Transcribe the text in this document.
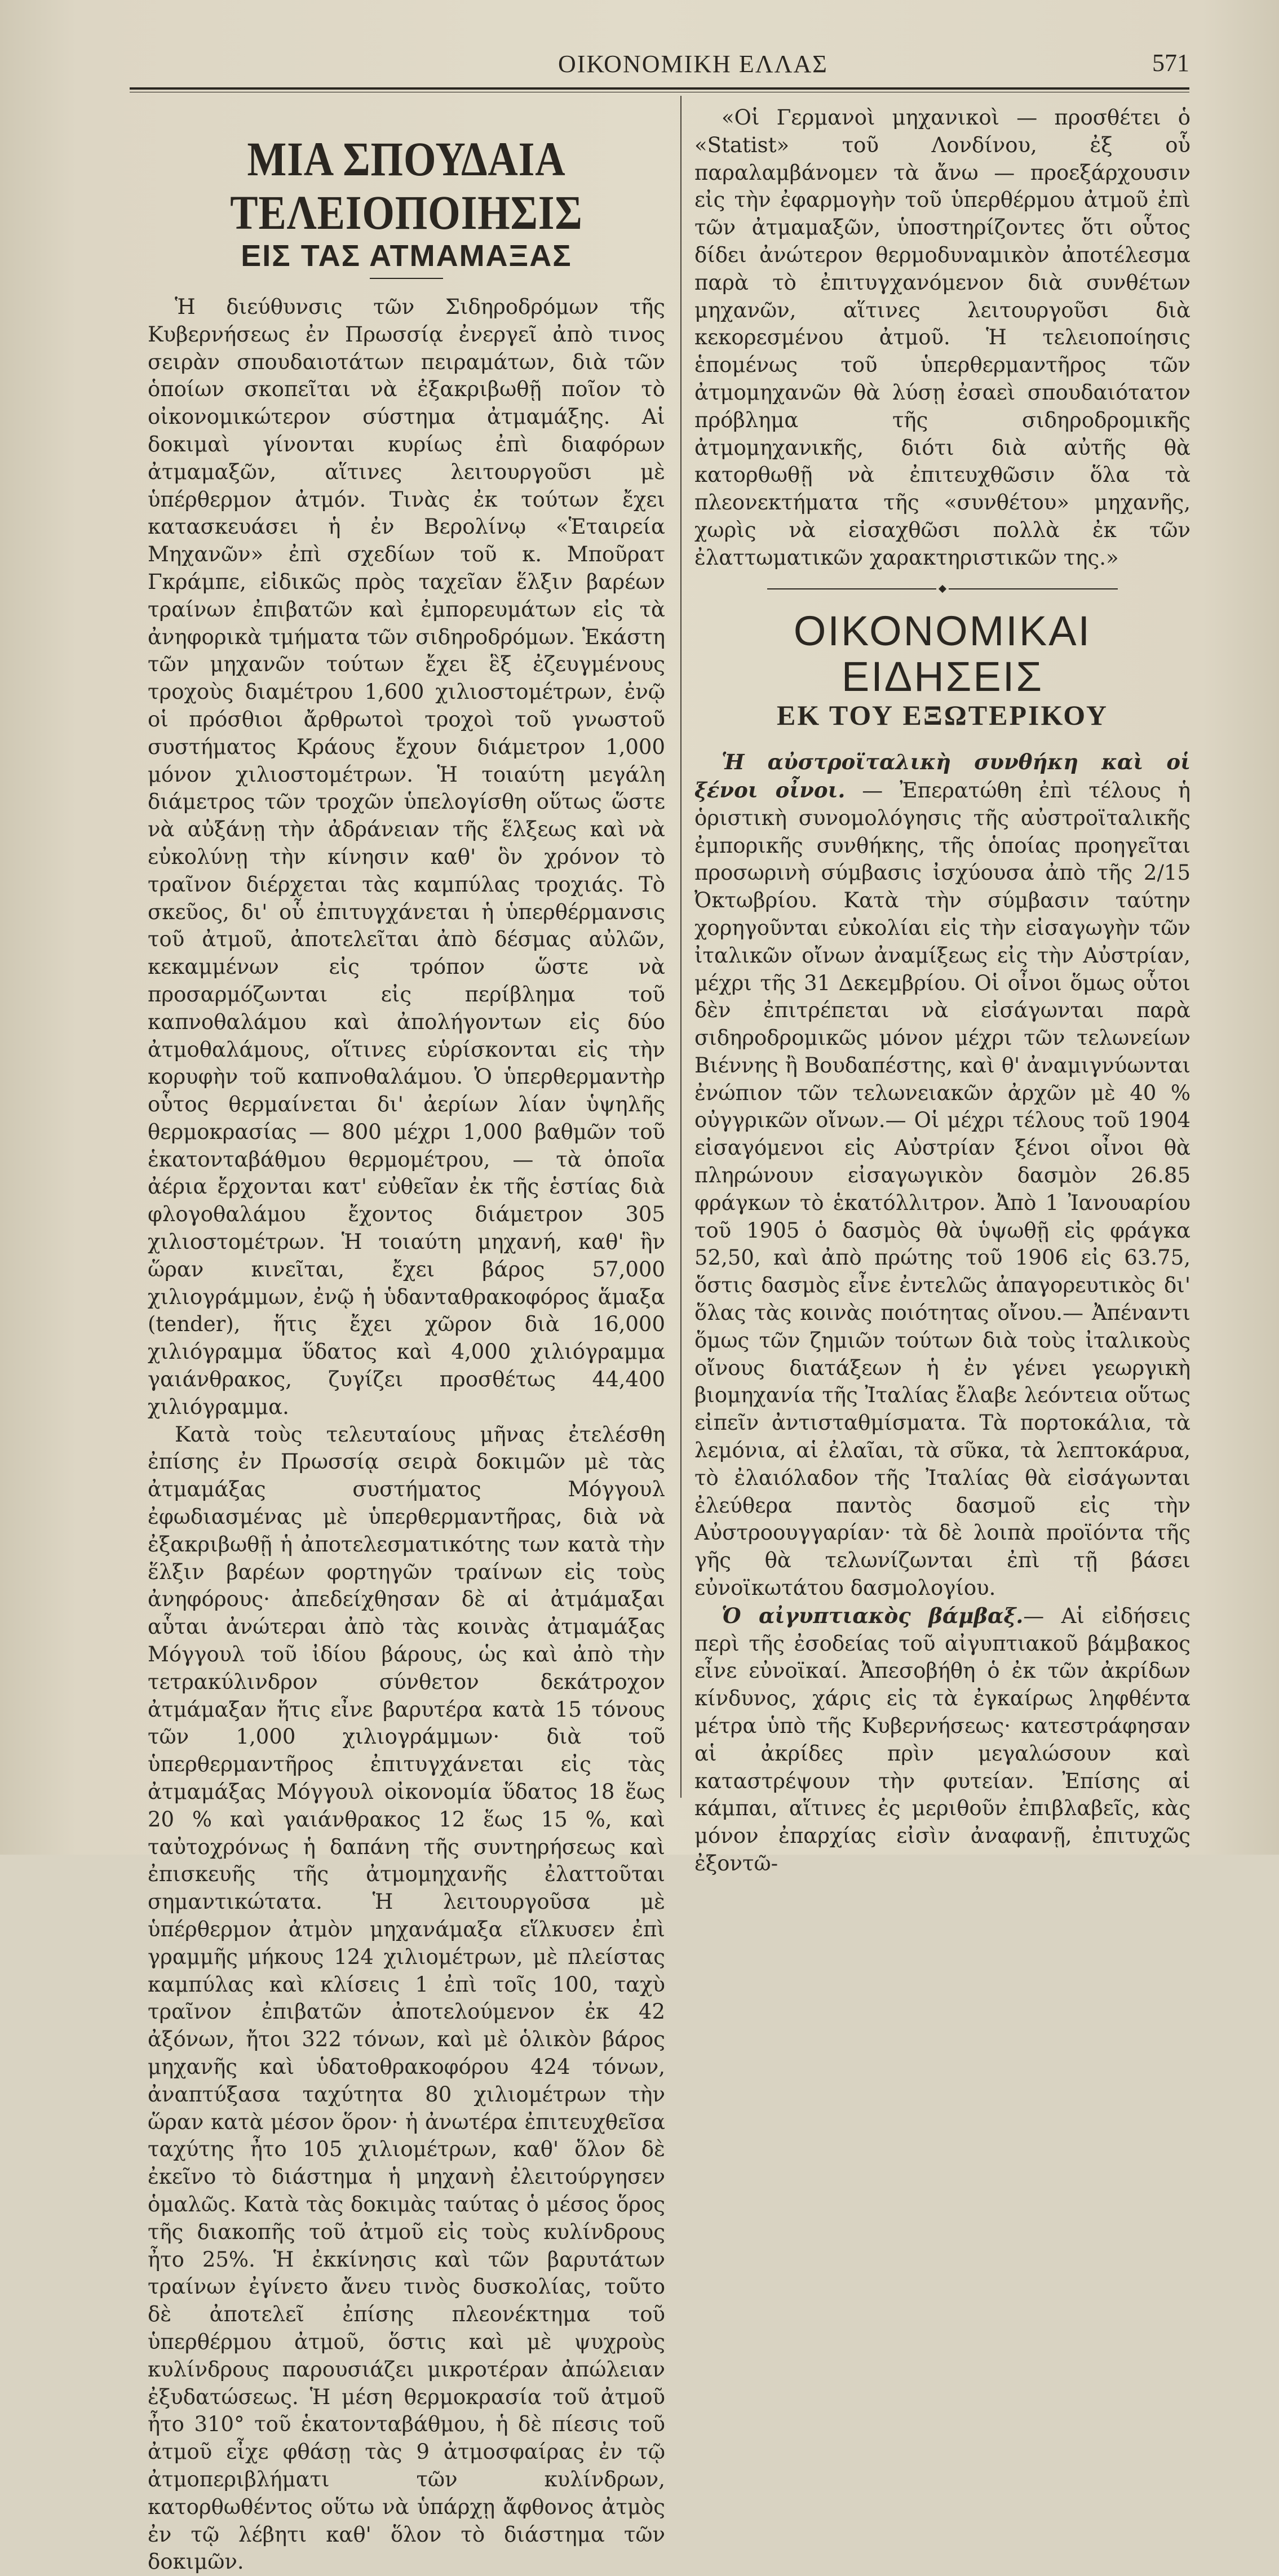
ΟΙΚΟΝΟΜΙΚΗ ΕΛΛΑΣ	571
ΜΙΑ ΣΠΟΥΔΑΙΑ ΤΕΛΕΙΟΠΟΙΗΣΙΣ
ΕΙΣ ΤΑΣ ΑΤΜΑΜΑΞΑΣ

Ἡ διεύθυνσις τῶν Σιδηροδρόμων τῆς Κυβερνήσεως ἐν Πρωσσίᾳ ἐνεργεῖ ἀπὸ τινος σειρὰν σπουδαιοτάτων πειραμάτων, διὰ τῶν ὁποίων σκοπεῖται νὰ ἐξακριβωθῇ ποῖον τὸ οἰκονομικώτερον σύστημα ἀτμαμάξης. Αἱ δοκιμαὶ γίνονται κυρίως ἐπὶ διαφόρων ἀτμαμαξῶν, αἵτινες λειτουργοῦσι μὲ ὑπέρθερμον ἀτμόν. Τινὰς ἐκ τούτων ἔχει κατασκευάσει ἡ ἐν Βερολίνῳ «Ἑταιρεία Μηχανῶν» ἐπὶ σχεδίων τοῦ κ. Μποῦρατ Γκράμπε, εἰδικῶς πρὸς ταχεῖαν ἕλξιν βαρέων τραίνων ἐπιβατῶν καὶ ἐμπορευμάτων εἰς τὰ ἀνηφορικὰ τμήματα τῶν σιδηροδρόμων. Ἑκάστη τῶν μηχανῶν τούτων ἔχει ἓξ ἐζευγμένους τροχοὺς διαμέτρου 1,600 χιλιοστομέτρων, ἐνῷ οἱ πρόσθιοι ἄρθρωτοὶ τροχοὶ τοῦ γνωστοῦ συστήματος Κράους ἔχουν διάμετρον 1,000 μόνον χιλιοστομέτρων. Ἡ τοιαύτη μεγάλη διάμετρος τῶν τροχῶν ὑπελογίσθη οὕτως ὥστε νὰ αὐξάνῃ τὴν ἀδράνειαν τῆς ἕλξεως καὶ νὰ εὐκολύνῃ τὴν κίνησιν καθ' ὃν χρόνον τὸ τραῖνον διέρχεται τὰς καμπύλας τροχιάς. Τὸ σκεῦος, δι' οὗ ἐπιτυγχάνεται ἡ ὑπερθέρμανσις τοῦ ἀτμοῦ, ἀποτελεῖται ἀπὸ δέσμας αὐλῶν, κεκαμμένων εἰς τρόπον ὥστε νὰ προσαρμόζωνται εἰς περίβλημα τοῦ καπνοθαλάμου καὶ ἀπολήγοντων εἰς δύο ἀτμοθαλάμους, οἵτινες εὑρίσκονται εἰς τὴν κορυφὴν τοῦ καπνοθαλάμου. Ὁ ὑπερθερμαντὴρ οὗτος θερμαίνεται δι' ἀερίων λίαν ὑψηλῆς θερμοκρασίας — 800 μέχρι 1,000 βαθμῶν τοῦ ἑκατονταβάθμου θερμομέτρου, — τὰ ὁποῖα ἀέρια ἔρχονται κατ' εὐθεῖαν ἐκ τῆς ἑστίας διὰ φλογοθαλάμου ἔχοντος διάμετρον 305 χιλιοστομέτρων. Ἡ τοιαύτη μηχανή, καθ' ἣν ὥραν κινεῖται, ἔχει βάρος 57,000 χιλιογράμμων, ἐνῷ ἡ ὑδανταθρακοφόρος ἅμαξα (tender), ἥτις ἔχει χῶρον διὰ 16,000 χιλιόγραμμα ὕδατος καὶ 4,000 χιλιόγραμμα γαιάνθρακος, ζυγίζει προσθέτως 44,400 χιλιόγραμμα.

Κατὰ τοὺς τελευταίους μῆνας ἐτελέσθη ἐπίσης ἐν Πρωσσίᾳ σειρὰ δοκιμῶν μὲ τὰς ἀτμαμάξας συστήματος Μόγγουλ ἐφωδιασμένας μὲ ὑπερθερμαντῆρας, διὰ νὰ ἐξακριβωθῇ ἡ ἀποτελεσματικότης των κατὰ τὴν ἕλξιν βαρέων φορτηγῶν τραίνων εἰς τοὺς ἀνηφόρους· ἀπεδείχθησαν δὲ αἱ ἀτμάμαξαι αὗται ἀνώτεραι ἀπὸ τὰς κοινὰς ἀτμαμάξας Μόγγουλ τοῦ ἰδίου βάρους, ὡς καὶ ἀπὸ τὴν τετρακύλινδρον σύνθετον δεκάτροχον ἀτμάμαξαν ἥτις εἶνε βαρυτέρα κατὰ 15 τόνους τῶν 1,000 χιλιογράμμων· διὰ τοῦ ὑπερθερμαντῆρος ἐπιτυγχάνεται εἰς τὰς ἀτμαμάξας Μόγγουλ οἰκονομία ὕδατος 18 ἕως 20 % καὶ γαιάνθρακος 12 ἕως 15 %, καὶ ταὐτοχρόνως ἡ δαπάνη τῆς συντηρήσεως καὶ ἐπισκευῆς τῆς ἀτμομηχανῆς ἐλαττοῦται σημαντικώτατα. Ἡ λειτουργοῦσα μὲ ὑπέρθερμον ἀτμὸν μηχανάμαξα εἵλκυσεν ἐπὶ γραμμῆς μήκους 124 χιλιομέτρων, μὲ πλείστας καμπύλας καὶ κλίσεις 1 ἐπὶ τοῖς 100, ταχὺ τραῖνον ἐπιβατῶν ἀποτελούμενον ἐκ 42 ἀξόνων, ἤτοι 322 τόνων, καὶ μὲ ὁλικὸν βάρος μηχανῆς καὶ ὑδατοθρακοφόρου 424 τόνων, ἀναπτύξασα ταχύτητα 80 χιλιομέτρων τὴν ὥραν κατὰ μέσον ὅρον· ἡ ἀνωτέρα ἐπιτευχθεῖσα ταχύτης ἦτο 105 χιλιομέτρων, καθ' ὅλον δὲ ἐκεῖνο τὸ διάστημα ἡ μηχανὴ ἐλειτούργησεν ὁμαλῶς. Κατὰ τὰς δοκιμὰς ταύτας ὁ μέσος ὅρος τῆς διακοπῆς τοῦ ἀτμοῦ εἰς τοὺς κυλίνδρους ἦτο 25%. Ἡ ἐκκίνησις καὶ τῶν βαρυτάτων τραίνων ἐγίνετο ἄνευ τινὸς δυσκολίας, τοῦτο δὲ ἀποτελεῖ ἐπίσης πλεονέκτημα τοῦ ὑπερθέρμου ἀτμοῦ, ὅστις καὶ μὲ ψυχροὺς κυλίνδρους παρουσιάζει μικροτέραν ἀπώλειαν ἐξυδατώσεως. Ἡ μέση θερμοκρασία τοῦ ἀτμοῦ ἦτο 310° τοῦ ἑκατονταβάθμου, ἡ δὲ πίεσις τοῦ ἀτμοῦ εἶχε φθάσῃ τὰς 9 ἀτμοσφαίρας ἐν τῷ ἀτμοπεριβλήματι τῶν κυλίνδρων, κατορθωθέντος οὕτω νὰ ὑπάρχῃ ἄφθονος ἀτμὸς ἐν τῷ λέβητι καθ' ὅλον τὸ διάστημα τῶν δοκιμῶν.

«Οἱ Γερμανοὶ μηχανικοὶ — προσθέτει ὁ «Statist» τοῦ Λονδίνου, ἐξ οὗ παραλαμβάνομεν τὰ ἄνω — προεξάρχουσιν εἰς τὴν ἐφαρμογὴν τοῦ ὑπερθέρμου ἀτμοῦ ἐπὶ τῶν ἀτμαμαξῶν, ὑποστηρίζοντες ὅτι οὗτος δίδει ἀνώτερον θερμοδυναμικὸν ἀποτέλεσμα παρὰ τὸ ἐπιτυγχανόμενον διὰ συνθέτων μηχανῶν, αἵτινες λειτουργοῦσι διὰ κεκορεσμένου ἀτμοῦ. Ἡ τελειοποίησις ἑπομένως τοῦ ὑπερθερμαντῆρος τῶν ἀτμομηχανῶν θὰ λύσῃ ἐσαεὶ σπουδαιότατον πρόβλημα τῆς σιδηροδρομικῆς ἀτμομηχανικῆς, διότι διὰ αὐτῆς θὰ κατορθωθῇ νὰ ἐπιτευχθῶσιν ὅλα τὰ πλεονεκτήματα τῆς «συνθέτου» μηχανῆς, χωρὶς νὰ εἰσαχθῶσι πολλὰ ἐκ τῶν ἐλαττωματικῶν χαρακτηριστικῶν της.»

ΟΙΚΟΝΟΜΙΚΑΙ ΕΙΔΗΣΕΙΣ
ΕΚ ΤΟΥ ΕΞΩΤΕΡΙΚΟΥ

Ἡ αὐστροϊταλικὴ συνθήκη καὶ οἱ ξένοι οἶνοι. — Ἐπερατώθη ἐπὶ τέλους ἡ ὁριστικὴ συνομολόγησις τῆς αὐστροϊταλικῆς ἐμπορικῆς συνθήκης, τῆς ὁποίας προηγεῖται προσωρινὴ σύμβασις ἰσχύουσα ἀπὸ τῆς 2/15 Ὀκτωβρίου. Κατὰ τὴν σύμβασιν ταύτην χορηγοῦνται εὐκολίαι εἰς τὴν εἰσαγωγὴν τῶν ἰταλικῶν οἴνων ἀναμίξεως εἰς τὴν Αὐστρίαν, μέχρι τῆς 31 Δεκεμβρίου. Οἱ οἶνοι ὅμως οὗτοι δὲν ἐπιτρέπεται νὰ εἰσάγωνται παρὰ σιδηροδρομικῶς μόνον μέχρι τῶν τελωνείων Βιέννης ἢ Βουδαπέστης, καὶ θ' ἀναμιγνύωνται ἐνώπιον τῶν τελωνειακῶν ἀρχῶν μὲ 40 % οὐγγρικῶν οἴνων.— Οἱ μέχρι τέλους τοῦ 1904 εἰσαγόμενοι εἰς Αὐστρίαν ξένοι οἶνοι θὰ πληρώνουν εἰσαγωγικὸν δασμὸν 26.85 φράγκων τὸ ἑκατόλλιτρον. Ἀπὸ 1 Ἰανουαρίου τοῦ 1905 ὁ δασμὸς θὰ ὑψωθῇ εἰς φράγκα 52,50, καὶ ἀπὸ πρώτης τοῦ 1906 εἰς 63.75, ὅστις δασμὸς εἶνε ἐντελῶς ἀπαγορευτικὸς δι' ὅλας τὰς κοινὰς ποιότητας οἴνου.— Ἀπέναντι ὅμως τῶν ζημιῶν τούτων διὰ τοὺς ἰταλικοὺς οἴνους διατάξεων ἡ ἐν γένει γεωργικὴ βιομηχανία τῆς Ἰταλίας ἔλαβε λεόντεια οὕτως εἰπεῖν ἀντισταθμίσματα. Τὰ πορτοκάλια, τὰ λεμόνια, αἱ ἐλαῖαι, τὰ σῦκα, τὰ λεπτοκάρυα, τὸ ἐλαιόλαδον τῆς Ἰταλίας θὰ εἰσάγωνται ἐλεύθερα παντὸς δασμοῦ εἰς τὴν Αὐστροουγγαρίαν· τὰ δὲ λοιπὰ προϊόντα τῆς γῆς θὰ τελωνίζωνται ἐπὶ τῇ βάσει εὐνοϊκωτάτου δασμολογίου.

Ὁ αἰγυπτιακὸς βάμβαξ.— Αἱ εἰδήσεις περὶ τῆς ἐσοδείας τοῦ αἰγυπτιακοῦ βάμβακος εἶνε εὐνοϊκαί. Ἀπεσοβήθη ὁ ἐκ τῶν ἀκρίδων κίνδυνος, χάρις εἰς τὰ ἐγκαίρως ληφθέντα μέτρα ὑπὸ τῆς Κυβερνήσεως· κατεστράφησαν αἱ ἀκρίδες πρὶν μεγαλώσουν καὶ καταστρέψουν τὴν φυτείαν. Ἐπίσης αἱ κάμπαι, αἵτινες ἐς μεριθοῦν ἐπιβλαβεῖς, κὰς μόνον ἐπαρχίας εἰσὶν ἀναφανῇ, ἐπιτυχῶς ἐξοντῶ-
